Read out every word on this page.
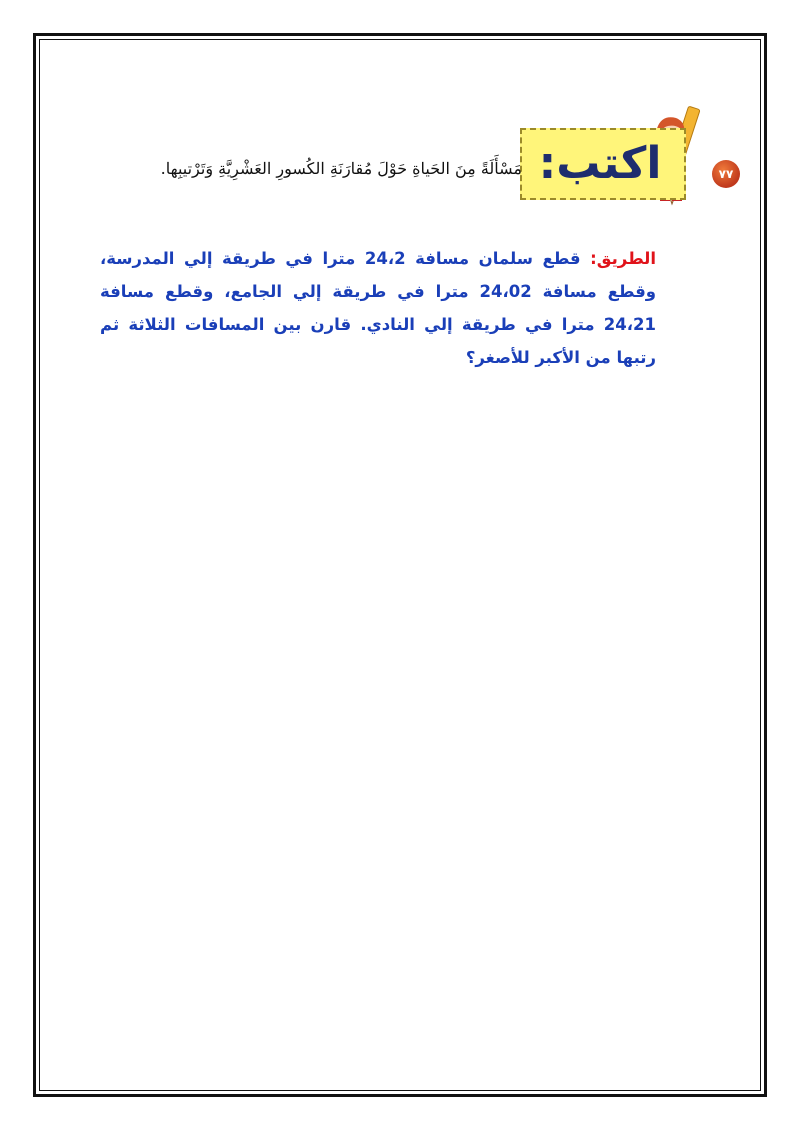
٧٧
اكتب:
مَسْأَلَةً مِنَ الحَياةِ حَوْلَ مُقارَنَةِ الكُسورِ العَشْرِيَّةِ وَتَرْتيبِها.
الطريق: قطع سلمان مسافة 24،2 مترا في طريقة إلي المدرسة، وقطع مسافة 24،02 مترا في طريقة إلي الجامع، وقطع مسافة 24،21 مترا في طريقة إلي النادي. قارن بين المسافات الثلاثة ثم رتبها من الأكبر للأصغر؟
